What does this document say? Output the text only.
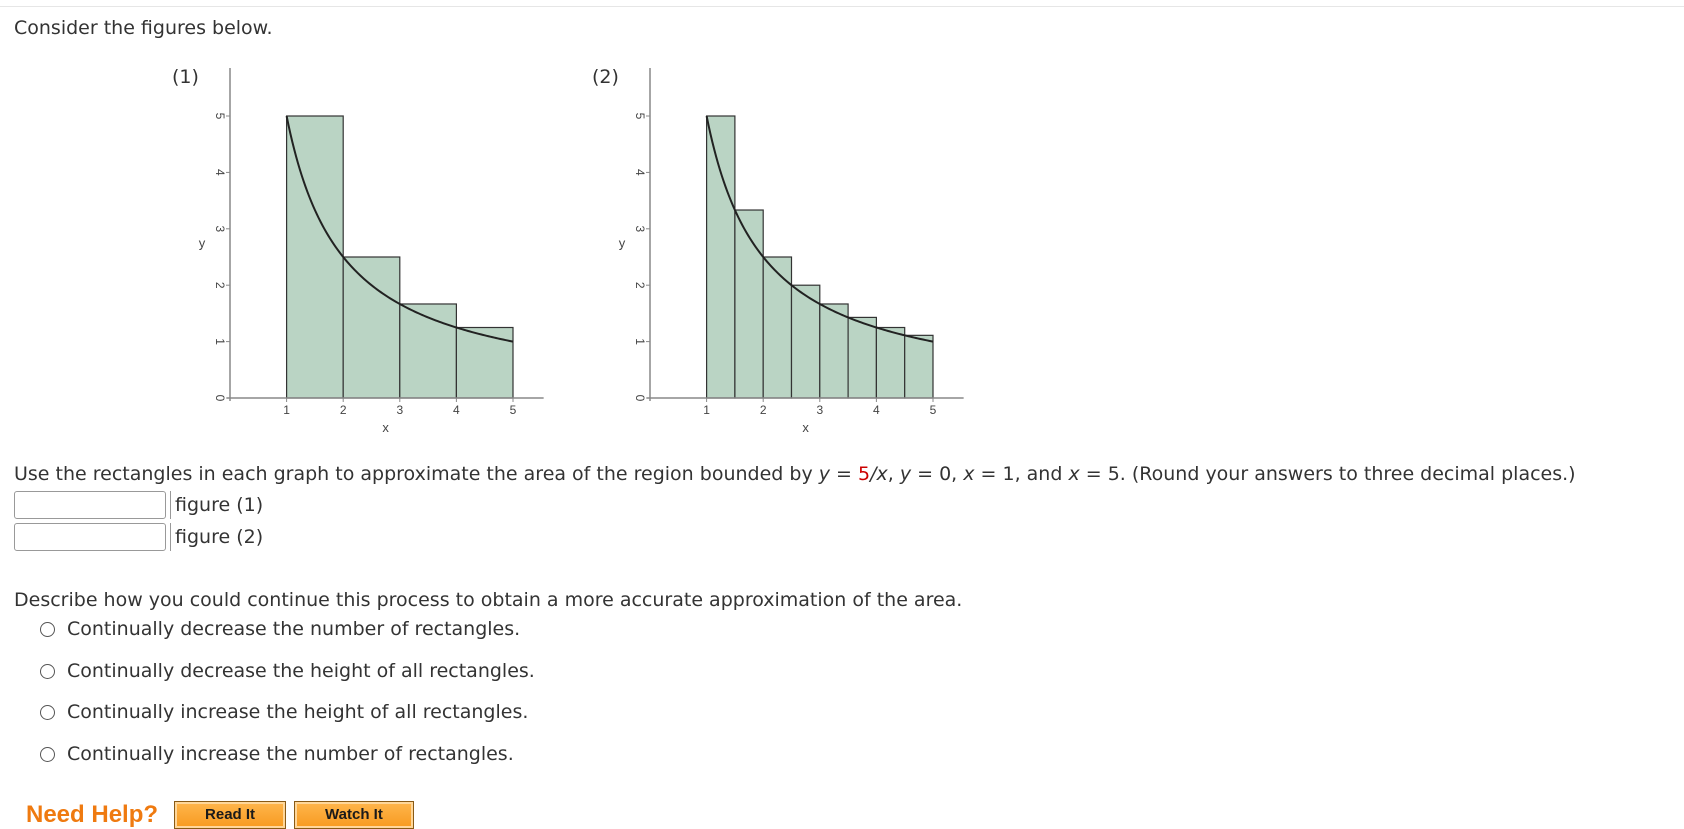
Consider the figures below.
(1)
1	2	3	4	5
0
1
2
3
4
5
x
y
(2)
1	2	3	4	5
0
1
2
3
4
5
x
y
Use the rectangles in each graph to approximate the area of the region bounded by y = 5/x, y = 0, x = 1, and x = 5. (Round your answers to three decimal places.)
figure (1)
figure (2)
Describe how you could continue this process to obtain a more accurate approximation of the area.
Continually decrease the number of rectangles.
Continually decrease the height of all rectangles.
Continually increase the height of all rectangles.
Continually increase the number of rectangles.
Need Help?	Read It	Watch It
